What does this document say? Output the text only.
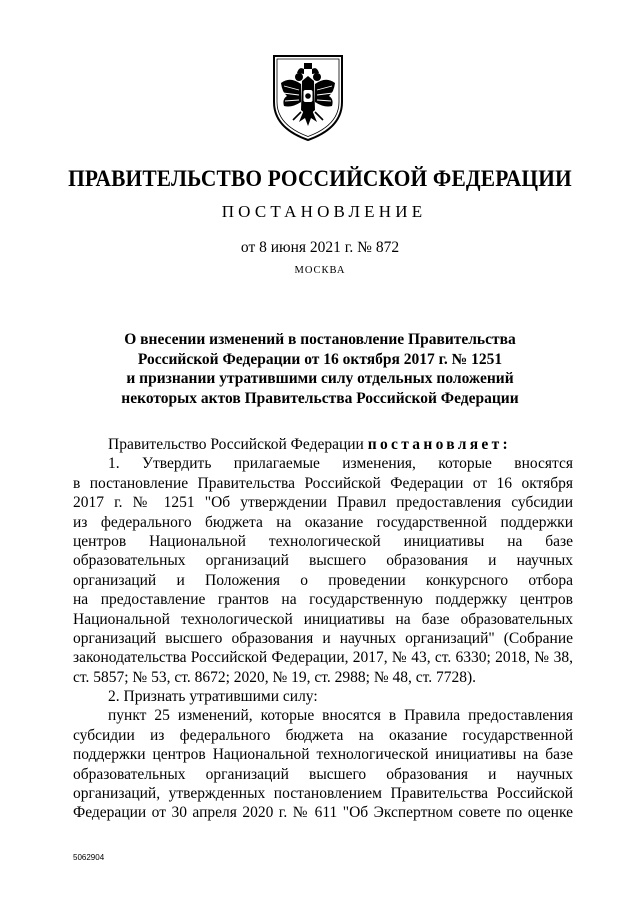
ПРАВИТЕЛЬСТВО РОССИЙСКОЙ ФЕДЕРАЦИИ
ПОСТАНОВЛЕНИЕ
от 8 июня 2021 г. № 872
МОСКВА
О внесении изменений в постановление Правительства
Российской Федерации от 16 октября 2017 г. № 1251
и признании утратившими силу отдельных положений
некоторых актов Правительства Российской Федерации
Правительство Российской Федерации постановляет:
1. Утвердить прилагаемые изменения, которые вносятся
в постановление Правительства Российской Федерации от 16 октября
2017 г. № 1251 "Об утверждении Правил предоставления субсидии
из федерального бюджета на оказание государственной поддержки
центров Национальной технологической инициативы на базе
образовательных организаций высшего образования и научных
организаций и Положения о проведении конкурсного отбора
на предоставление грантов на государственную поддержку центров
Национальной технологической инициативы на базе образовательных
организаций высшего образования и научных организаций" (Собрание
законодательства Российской Федерации, 2017, № 43, ст. 6330; 2018, № 38,
ст. 5857; № 53, ст. 8672; 2020, № 19, ст. 2988; № 48, ст. 7728).
2. Признать утратившими силу:
пункт 25 изменений, которые вносятся в Правила предоставления
субсидии из федерального бюджета на оказание государственной
поддержки центров Национальной технологической инициативы на базе
образовательных организаций высшего образования и научных
организаций, утвержденных постановлением Правительства Российской
Федерации от 30 апреля 2020 г. № 611 "Об Экспертном совете по оценке
5062904
